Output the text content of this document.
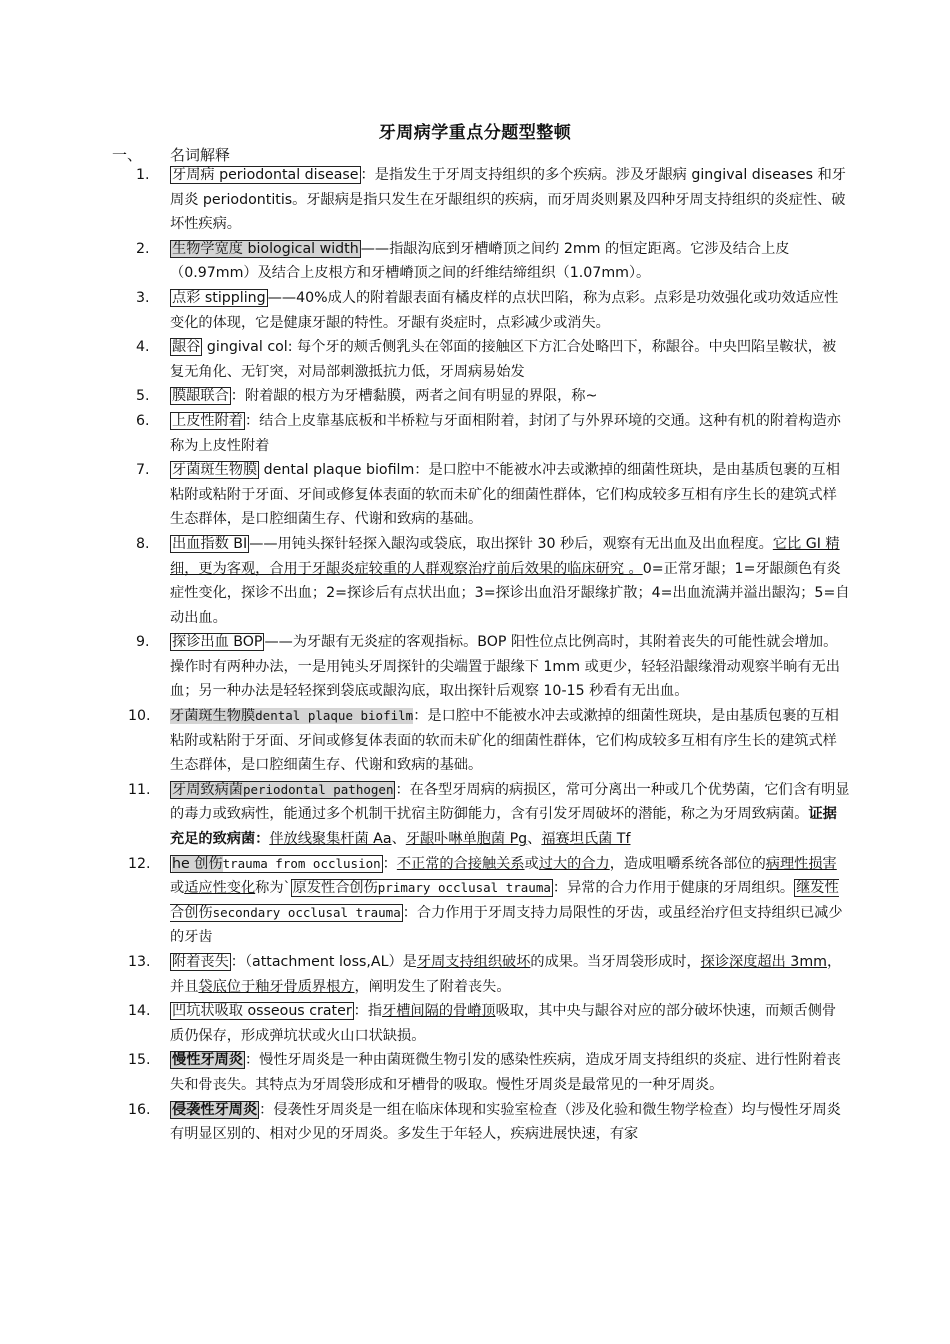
牙周病学重点分题型整顿
一、 名词解释
1.	牙周病 periodontal disease ：是指发生于牙周支持组织的多个疾病。涉及牙龈病 gingival diseases 和牙周炎 periodontitis。牙龈病是指只发生在牙龈组织的疾病，而牙周炎则累及四种牙周支持组织的炎症性、破坏性疾病。
2.	生物学宽度 biological width ——指龈沟底到牙槽嵴顶之间约 2mm 的恒定距离。它涉及结合上皮（0.97mm）及结合上皮根方和牙槽嵴顶之间的纤维结缔组织（1.07mm）。
3.	点彩 stippling ——40%成人的附着龈表面有橘皮样的点状凹陷，称为点彩。点彩是功效强化或功效适应性变化的体现，它是健康牙龈的特性。牙龈有炎症时，点彩减少或消失。
4.	龈谷 gingival col: 每个牙的颊舌侧乳头在邻面的接触区下方汇合处略凹下，称龈谷。中央凹陷呈鞍状，被复无角化、无钉突，对局部刺激抵抗力低，牙周病易始发
5.	膜龈联合 ：附着龈的根方为牙槽黏膜，两者之间有明显的界限，称~
6.	上皮性附着 ：结合上皮靠基底板和半桥粒与牙面相附着，封闭了与外界环境的交通。这种有机的附着构造亦称为上皮性附着
7.	牙菌斑生物膜 dental plaque biofilm：是口腔中不能被水冲去或漱掉的细菌性斑块，是由基质包裹的互相粘附或粘附于牙面、牙间或修复体表面的软而未矿化的细菌性群体，它们构成较多互相有序生长的建筑式样生态群体，是口腔细菌生存、代谢和致病的基础。
8.	出血指数 BI ——用钝头探针轻探入龈沟或袋底，取出探针 30 秒后，观察有无出血及出血程度。它比 GI 精细，更为客观，合用于牙龈炎症较重的人群观察治疗前后效果的临床研究 。0=正常牙龈；1=牙龈颜色有炎症性变化，探诊不出血；2=探诊后有点状出血；3=探诊出血沿牙龈缘扩散；4=出血流满并溢出龈沟；5=自动出血。
9.	探诊出血 BOP ——为牙龈有无炎症的客观指标。BOP 阳性位点比例高时，其附着丧失的可能性就会增加。操作时有两种办法，一是用钝头牙周探针的尖端置于龈缘下 1mm 或更少，轻轻沿龈缘滑动观察半晌有无出血；另一种办法是轻轻探到袋底或龈沟底，取出探针后观察 10-15 秒看有无出血。
10.	牙菌斑生物膜dental plaque biofilm：是口腔中不能被水冲去或漱掉的细菌性斑块，是由基质包裹的互相粘附或粘附于牙面、牙间或修复体表面的软而未矿化的细菌性群体，它们构成较多互相有序生长的建筑式样生态群体，是口腔细菌生存、代谢和致病的基础。
11.	牙周致病菌periodontal pathogen ：在各型牙周病的病损区，常可分离出一种或几个优势菌，它们含有明显的毒力或致病性，能通过多个机制干扰宿主防御能力，含有引发牙周破坏的潜能，称之为牙周致病菌。证据充足的致病菌：伴放线聚集杆菌 Aa、牙龈卟啉单胞菌 Pg、福赛坦氏菌 Tf
12.	he 创伤trauma from occlusion ：不正常的合接触关系或过大的合力，造成咀嚼系统各部位的病理性损害或适应性变化称为` 原发性合创伤primary occlusal trauma ：异常的合力作用于健康的牙周组织。 继发性合创伤secondary occlusal trauma ：合力作用于牙周支持力局限性的牙齿，或虽经治疗但支持组织已减少的牙齿
13.	附着丧失 ：（attachment loss,AL）是牙周支持组织破坏的成果。当牙周袋形成时，探诊深度超出 3mm，并且袋底位于釉牙骨质界根方，阐明发生了附着丧失。
14.	凹坑状吸取 osseous crater ：指牙槽间隔的骨嵴顶吸取，其中央与龈谷对应的部分破坏快速，而颊舌侧骨质仍保存，形成弹坑状或火山口状缺损。
15.	慢性牙周炎 ：慢性牙周炎是一种由菌斑微生物引发的感染性疾病，造成牙周支持组织的炎症、进行性附着丧失和骨丧失。其特点为牙周袋形成和牙槽骨的吸取。慢性牙周炎是最常见的一种牙周炎。
16.	侵袭性牙周炎 ：侵袭性牙周炎是一组在临床体现和实验室检查（涉及化验和微生物学检查）均与慢性牙周炎有明显区别的、相对少见的牙周炎。多发生于年轻人，疾病进展快速，有家
